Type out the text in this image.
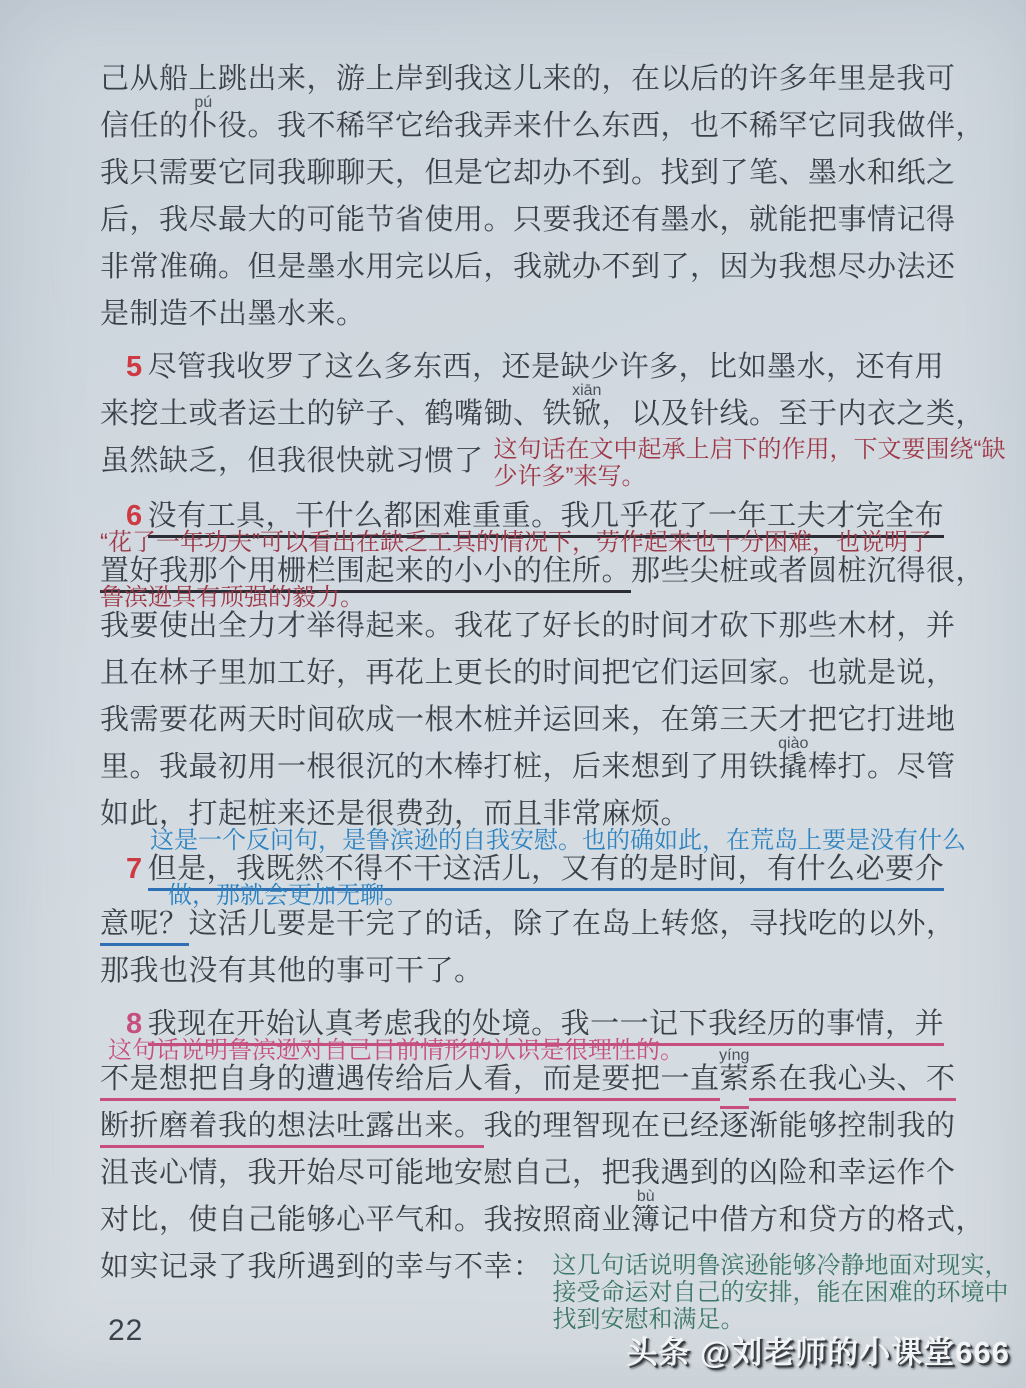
己从船上跳出来，游上岸到我这儿来的，在以后的许多年里是我可
信任的仆
pú
役。我不稀罕它给我弄来什么东西，也不稀罕它同我做伴，
我只需要它同我聊聊天，但是它却办不到。找到了笔、墨水和纸之
后，我尽最大的可能节省使用。只要我还有墨水，就能把事情记得
非常准确。但是墨水用完以后，我就办不到了，因为我想尽办法还
是制造不出墨水来。
5 尽管我收罗了这么多东西，还是缺少许多，比如墨水，还有用
来挖土或者运土的铲子、鹤嘴锄、铁锨
xiān
，以及针线。至于内衣之类，
虽然缺乏，但我很快就习惯了 这句话在文中起承上启下的作用，下文要围绕“缺
少许多”来写。
6 没有工具，干什么都困难重重。我几乎花了一年工夫才完全布
“花了一年功夫”可以看出在缺乏工具的情况下，劳作起来也十分困难，也说明了
置好我那个用栅栏围起来的小小的住所。那些尖桩或者圆桩沉得很，
鲁滨逊具有顽强的毅力。
我要使出全力才举得起来。我花了好长的时间才砍下那些木材，并
且在林子里加工好，再花上更长的时间把它们运回家。也就是说，
我需要花两天时间砍成一根木桩并运回来，在第三天才把它打进地
里。我最初用一根很沉的木棒打桩，后来想到了用铁撬
qiào
棒打。尽管
如此，打起桩来还是很费劲，而且非常麻烦。
这是一个反问句，是鲁滨逊的自我安慰。也的确如此，在荒岛上要是没有什么
7 但是，我既然不得不干这活儿，又有的是时间，有什么必要介
做，那就会更加无聊。
意呢？这活儿要是干完了的话，除了在岛上转悠，寻找吃的以外，
那我也没有其他的事可干了。
8 我现在开始认真考虑我的处境。我一一记下我经历的事情，并
这句话说明鲁滨逊对自己目前情形的认识是很理性的。
不是想把自身的遭遇传给后人看，而是要把一直萦
yíng
系在我心头、不
断折磨着我的想法吐露出来。我的理智现在已经逐渐能够控制我的
沮丧心情，我开始尽可能地安慰自己，把我遇到的凶险和幸运作个
对比，使自己能够心平气和。我按照商业簿
bù
记中借方和贷方的格式，
如实记录了我所遇到的幸与不幸： 这几句话说明鲁滨逊能够冷静地面对现实，
接受命运对自己的安排，能在困难的环境中
找到安慰和满足。
22
头条 @刘老师的小课堂666
